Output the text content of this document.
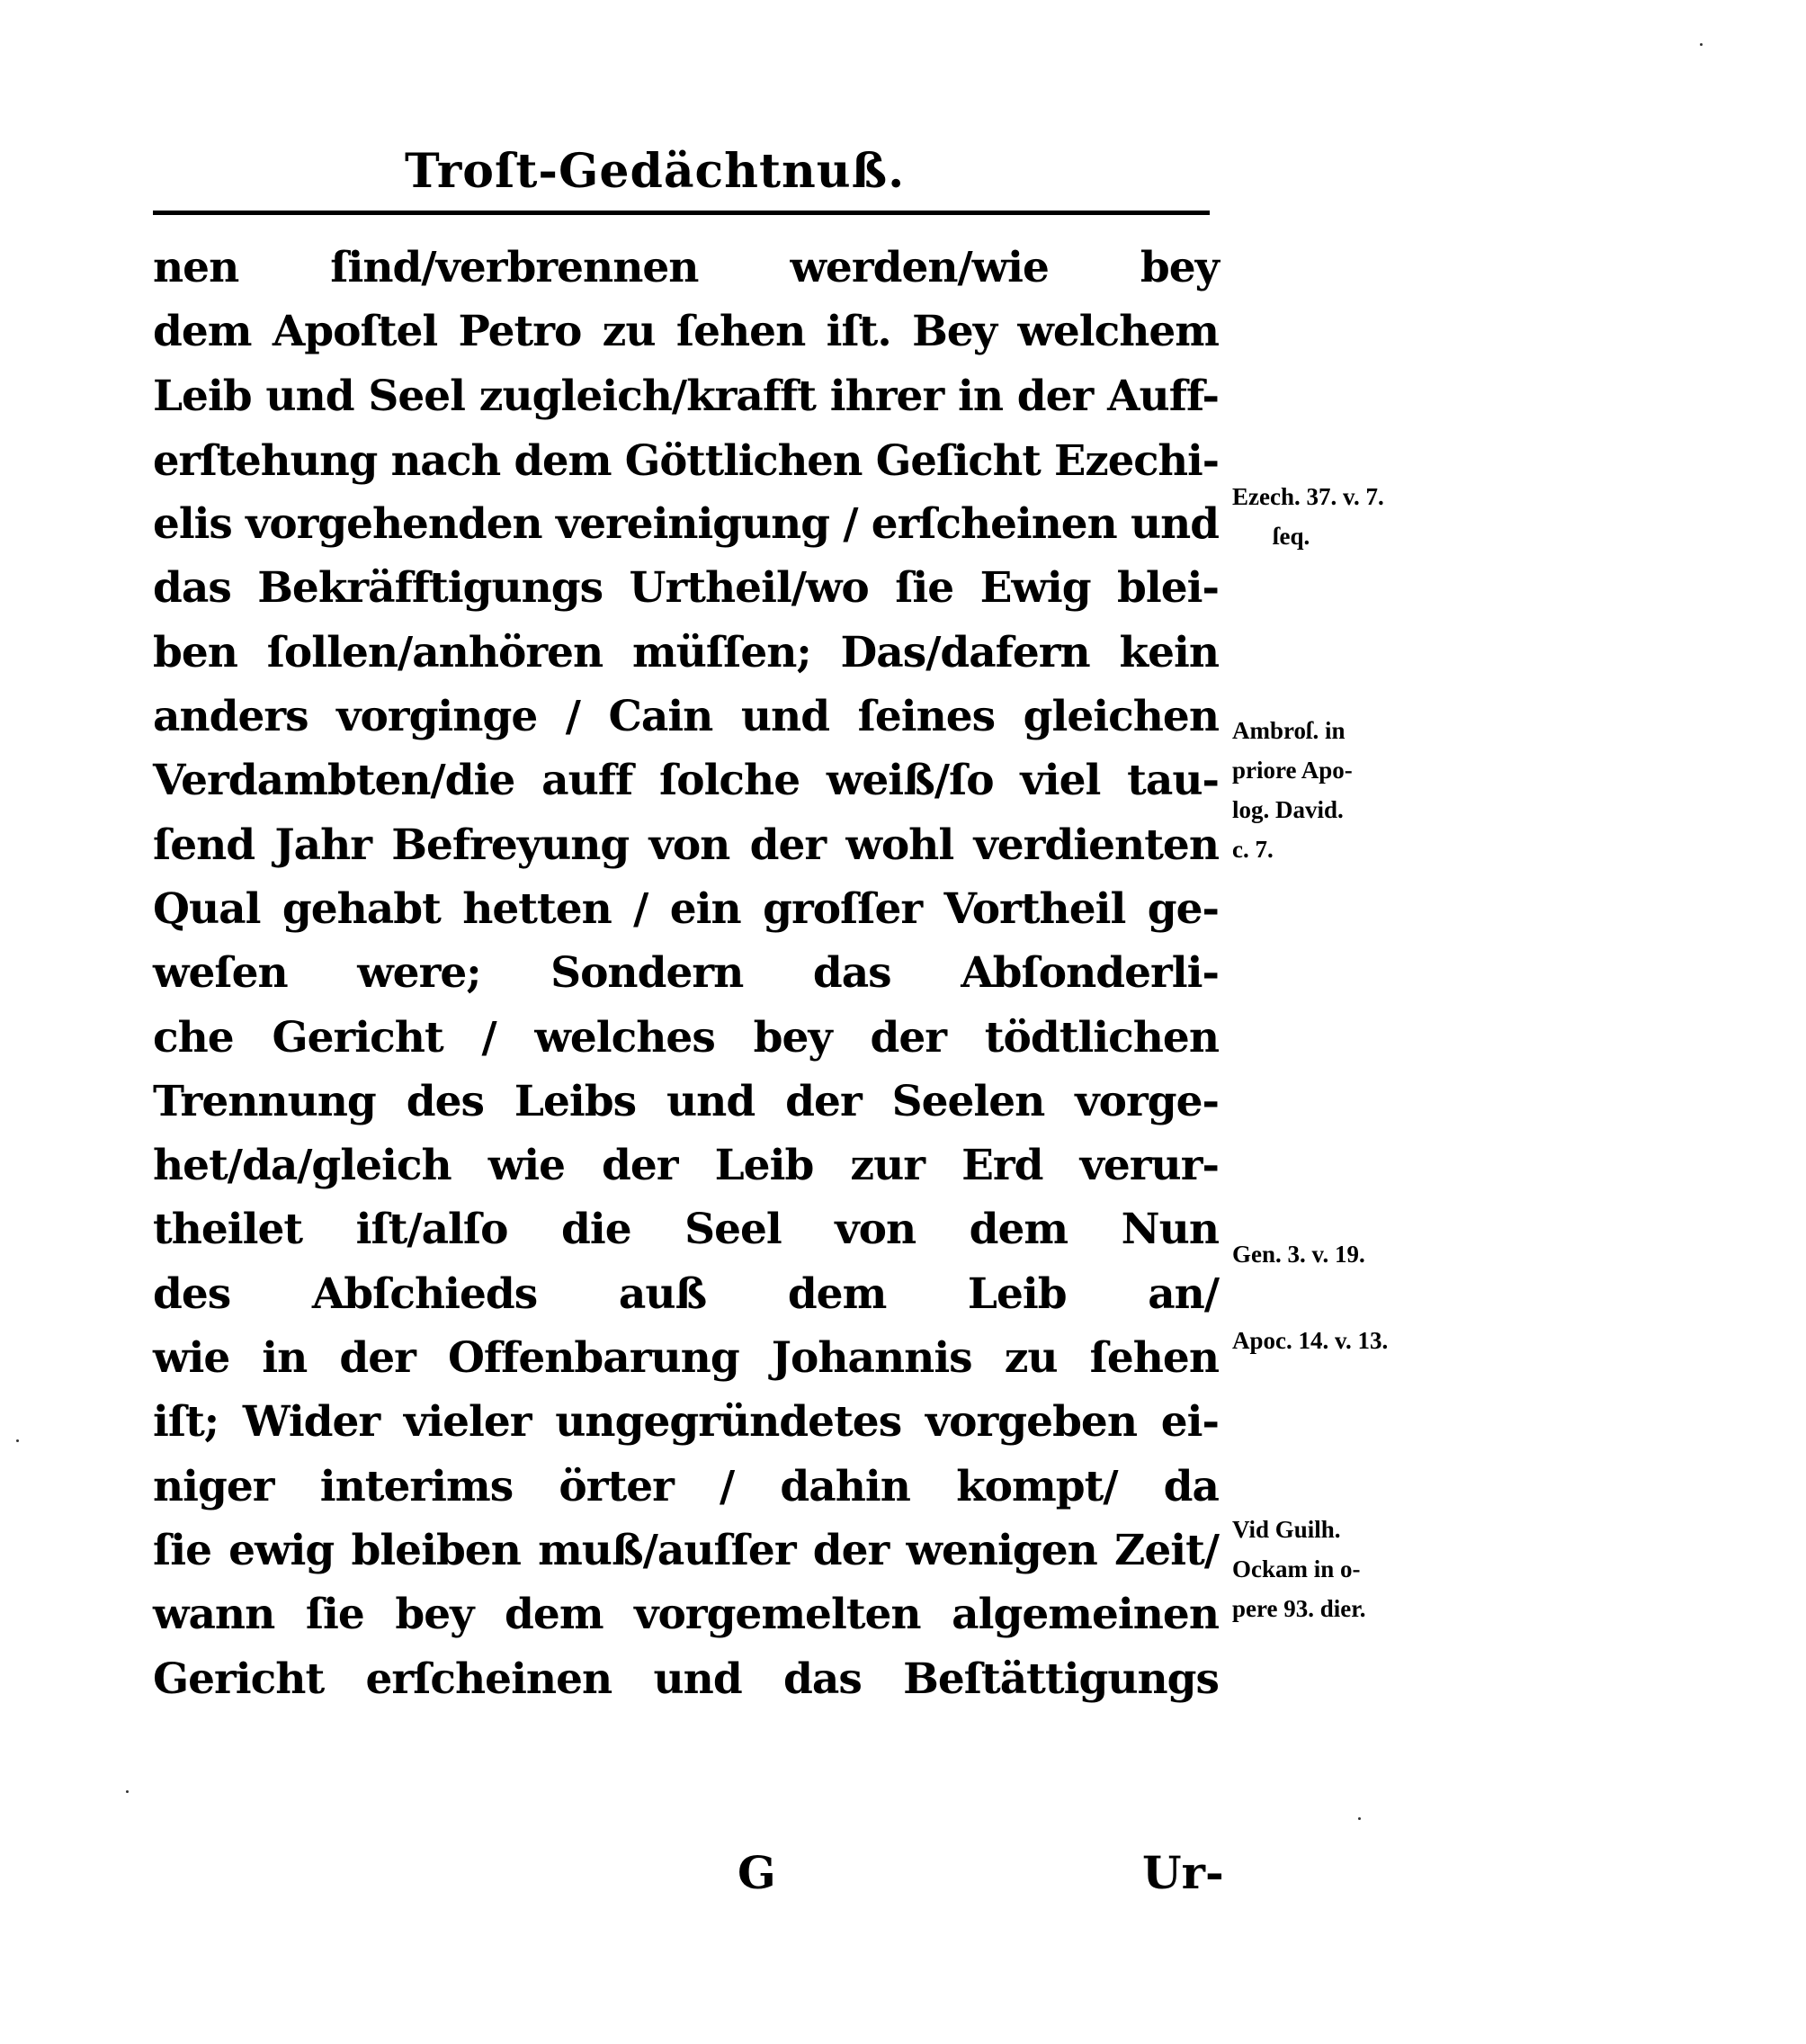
Troſt-Gedächtnuß.
nen ſind/verbrennen werden/wie bey
dem Apoſtel Petro zu ſehen iſt. Bey welchem
Leib und Seel zugleich/krafft ihrer in der Auff-
erſtehung nach dem Göttlichen Geſicht Ezechi-
elis vorgehenden vereinigung / erſcheinen und
das Bekräfftigungs Urtheil/wo ſie Ewig blei-
ben ſollen/anhören müſſen; Das/dafern kein
anders vorginge / Cain und ſeines gleichen
Verdambten/die auff ſolche weiß/ſo viel tau-
ſend Jahr Befreyung von der wohl verdienten
Qual gehabt hetten / ein groſſer Vortheil ge-
weſen were; Sondern das Abſonderli-
che Gericht / welches bey der tödtlichen
Trennung des Leibs und der Seelen vorge-
het/da/gleich wie der Leib zur Erd verur-
theilet iſt/alſo die Seel von dem Nun
des Abſchieds auß dem Leib an/
wie in der Offenbarung Johannis zu ſehen
iſt; Wider vieler ungegründetes vorgeben ei-
niger interims örter / dahin kompt/ da
ſie ewig bleiben muß/auſſer der wenigen Zeit/
wann ſie bey dem vorgemelten algemeinen
Gericht erſcheinen und das Beſtättigungs
G	Ur-
Ezech. 37. v. 7.
ſeq.
Ambroſ. in
priore Apo-
log. David.
c. 7.
Gen. 3. v. 19.
Apoc. 14. v. 13.
Vid Guilh.
Ockam in o-
pere 93. dier.
